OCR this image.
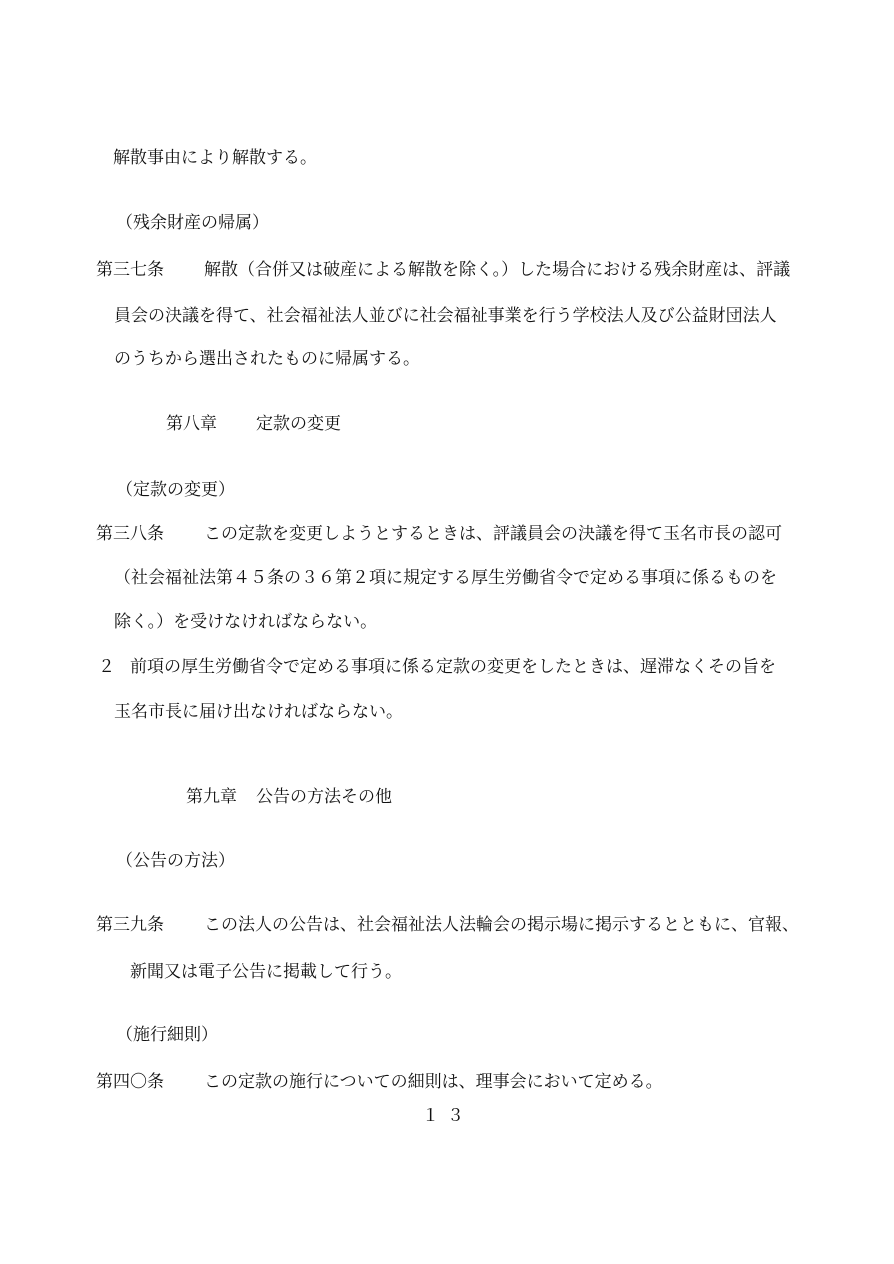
解散事由により解散する。
（残余財産の帰属）
第三七条 解散（合併又は破産による解散を除く。）した場合における残余財産は、評議
員会の決議を得て、社会福祉法人並びに社会福祉事業を行う学校法人及び公益財団法人
のうちから選出されたものに帰属する。
第八章 定款の変更
（定款の変更）
第三八条 この定款を変更しようとするときは、評議員会の決議を得て玉名市長の認可
（社会福祉法第４５条の３６第２項に規定する厚生労働省令で定める事項に係るものを
除く。）を受けなければならない。
２ 前項の厚生労働省令で定める事項に係る定款の変更をしたときは、遅滞なくその旨を
玉名市長に届け出なければならない。
第九章 公告の方法その他
（公告の方法）
第三九条 この法人の公告は、社会福祉法人法輪会の掲示場に掲示するとともに、官報、
新聞又は電子公告に掲載して行う。
（施行細則）
第四〇条 この定款の施行についての細則は、理事会において定める。
１３
